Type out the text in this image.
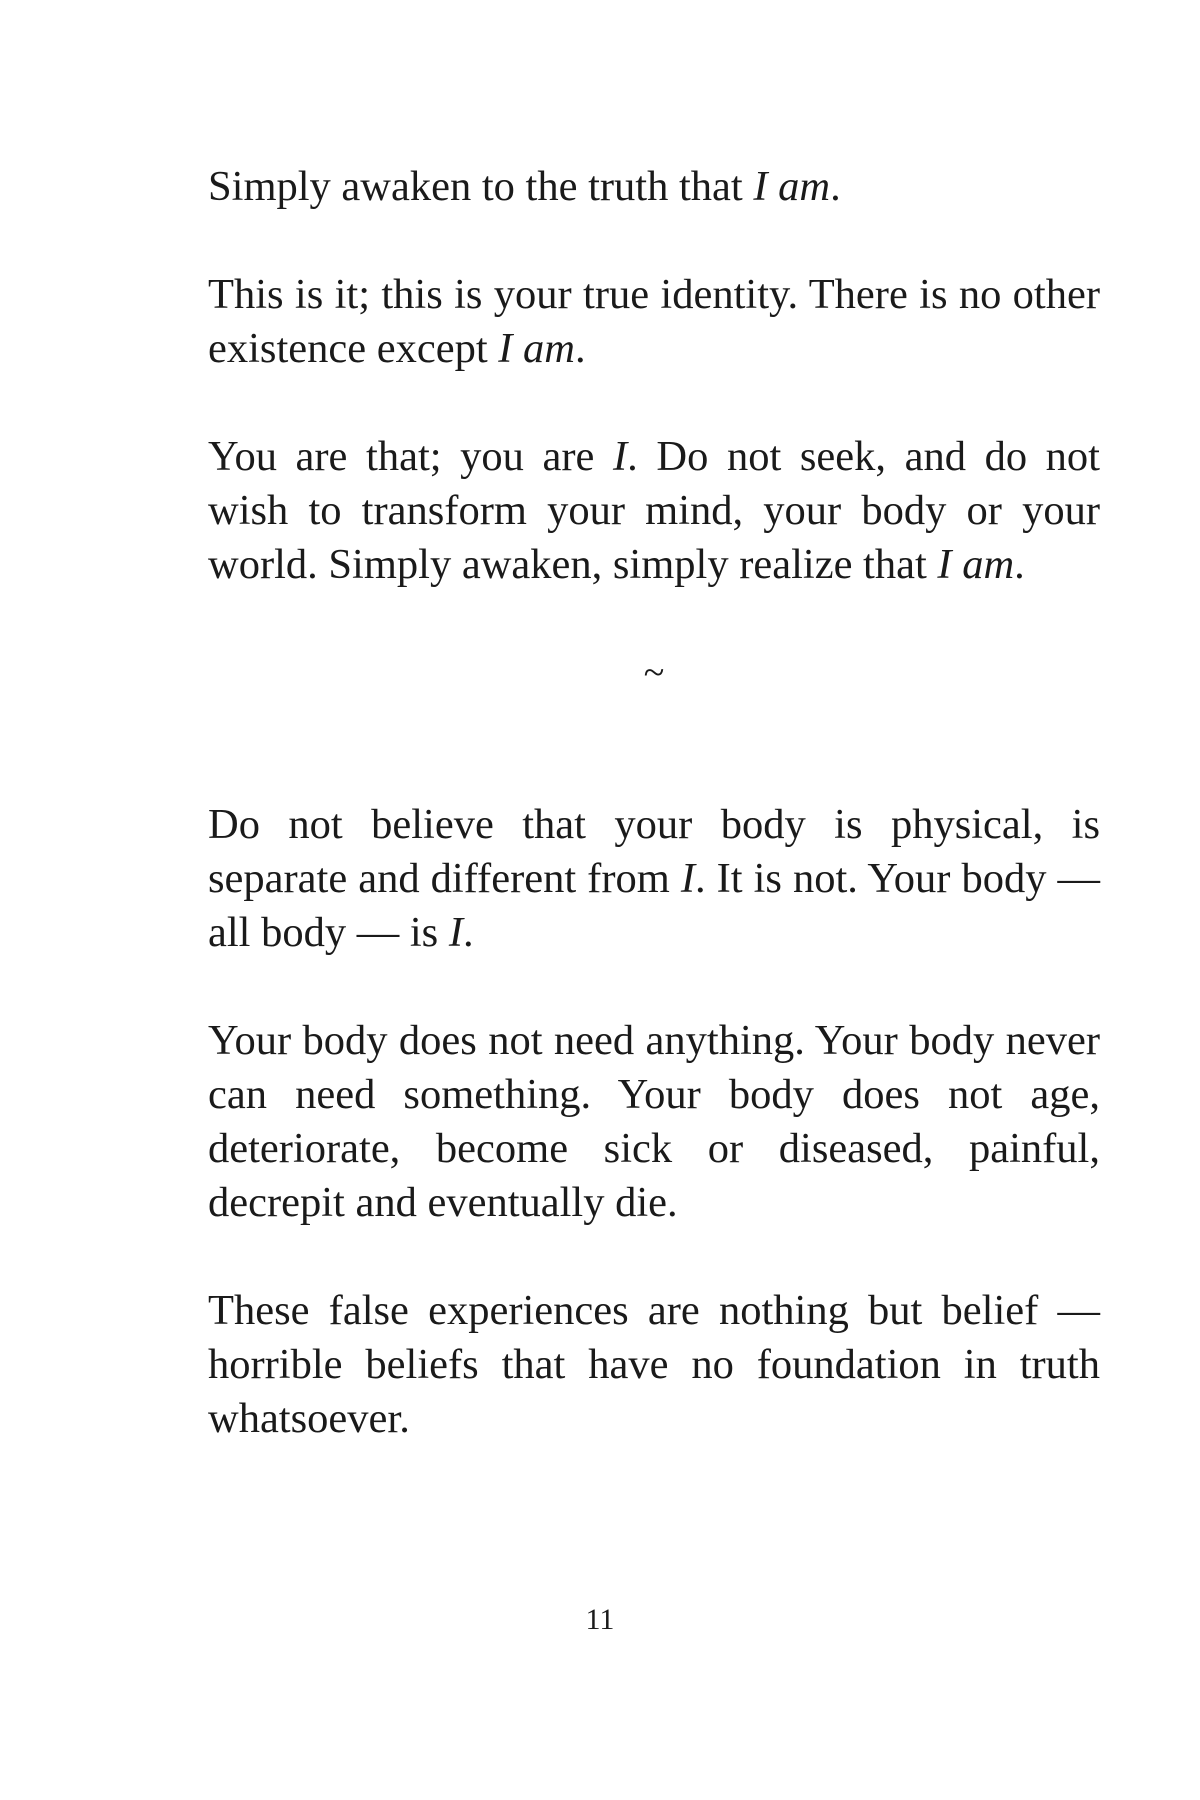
Simply awaken to the truth that I am.

This is it; this is your true identity. There is no other existence except I am.

You are that; you are I. Do not seek, and do not wish to transform your mind, your body or your world. Simply awaken, simply realize that I am.

~

Do not believe that your body is physical, is separate and different from I. It is not. Your body — all body — is I.

Your body does not need anything. Your body never can need something. Your body does not age, deteriorate, become sick or diseased, painful, decrepit and eventually die.

These false experiences are nothing but belief — horrible beliefs that have no foundation in truth whatsoever.

11
